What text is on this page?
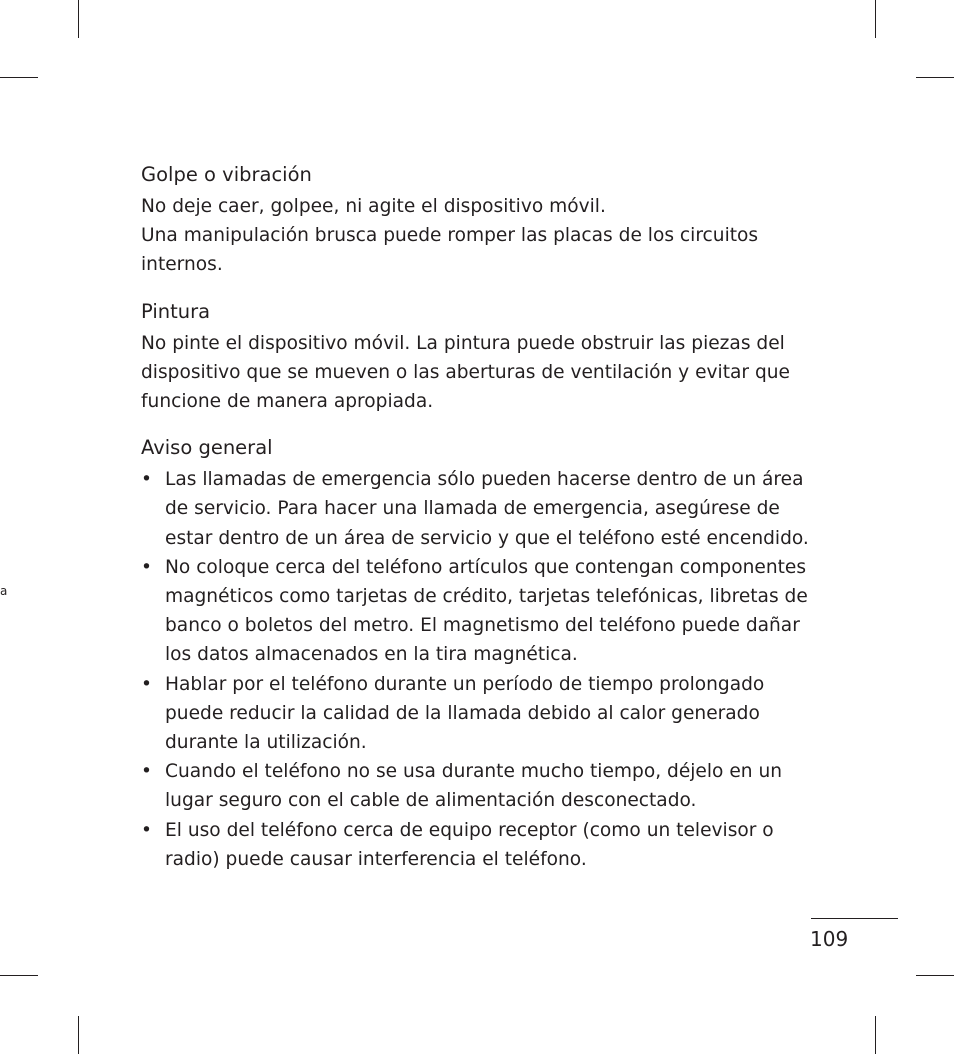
a
Golpe o vibración

No deje caer, golpee, ni agite el dispositivo móvil.
Una manipulación brusca puede romper las placas de los circuitos
internos.

Pintura

No pinte el dispositivo móvil. La pintura puede obstruir las piezas del
dispositivo que se mueven o las aberturas de ventilación y evitar que
funcione de manera apropiada.

Aviso general
• Las llamadas de emergencia sólo pueden hacerse dentro de un área
de servicio. Para hacer una llamada de emergencia, asegúrese de
estar dentro de un área de servicio y que el teléfono esté encendido.
• No coloque cerca del teléfono artículos que contengan componentes
magnéticos como tarjetas de crédito, tarjetas telefónicas, libretas de
banco o boletos del metro. El magnetismo del teléfono puede dañar
los datos almacenados en la tira magnética.
• Hablar por el teléfono durante un período de tiempo prolongado
puede reducir la calidad de la llamada debido al calor generado
durante la utilización.
• Cuando el teléfono no se usa durante mucho tiempo, déjelo en un
lugar seguro con el cable de alimentación desconectado.
• El uso del teléfono cerca de equipo receptor (como un televisor o
radio) puede causar interferencia el teléfono.
109
